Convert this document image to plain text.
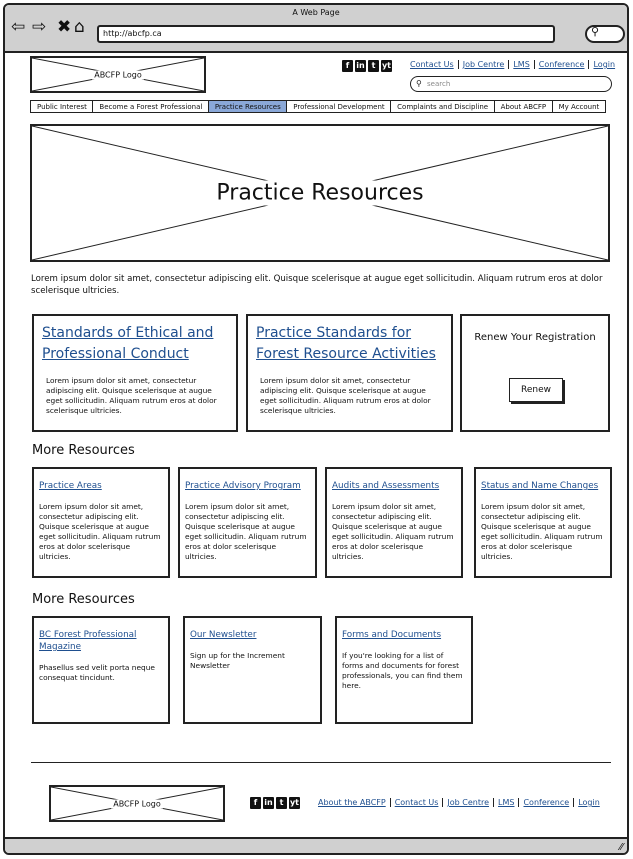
A Web Page
⇦ ⇨ ✖ ⌂	http://abcfp.ca	⚲
ABCFP Logo
f in t yt	Contact Us	Job Centre	LMS	Conference	Login
⚲ search
Public Interest	Become a Forest Professional	Practice Resources	Professional Development	Complaints and Discipline	About ABCFP	My Account
Practice Resources
Lorem ipsum dolor sit amet, consectetur adipiscing elit. Quisque scelerisque at augue eget sollicitudin. Aliquam rutrum eros at dolor scelerisque ultricies.
Standards of Ethical and Professional Conduct
Lorem ipsum dolor sit amet, consectetur adipiscing elit. Quisque scelerisque at augue eget sollicitudin. Aliquam rutrum eros at dolor scelerisque ultricies.
Practice Standards for Forest Resource Activities
Lorem ipsum dolor sit amet, consectetur adipiscing elit. Quisque scelerisque at augue eget sollicitudin. Aliquam rutrum eros at dolor scelerisque ultricies.
Renew Your Registration
Renew
More Resources
Practice Areas
Lorem ipsum dolor sit amet, consectetur adipiscing elit. Quisque scelerisque at augue eget sollicitudin. Aliquam rutrum eros at dolor scelerisque ultricies.
Practice Advisory Program
Lorem ipsum dolor sit amet, consectetur adipiscing elit. Quisque scelerisque at augue eget sollicitudin. Aliquam rutrum eros at dolor scelerisque ultricies.
Audits and Assessments
Lorem ipsum dolor sit amet, consectetur adipiscing elit. Quisque scelerisque at augue eget sollicitudin. Aliquam rutrum eros at dolor scelerisque ultricies.
Status and Name Changes
Lorem ipsum dolor sit amet, consectetur adipiscing elit. Quisque scelerisque at augue eget sollicitudin. Aliquam rutrum eros at dolor scelerisque ultricies.
More Resources
BC Forest Professional Magazine
Phasellus sed velit porta neque consequat tincidunt.
Our Newsletter
Sign up for the Increment Newsletter
Forms and Documents
If you're looking for a list of forms and documents for forest professionals, you can find them here.
ABCFP Logo	f in t yt	About the ABCFP	Contact Us	Job Centre	LMS	Conference	Login
⁄⁄
